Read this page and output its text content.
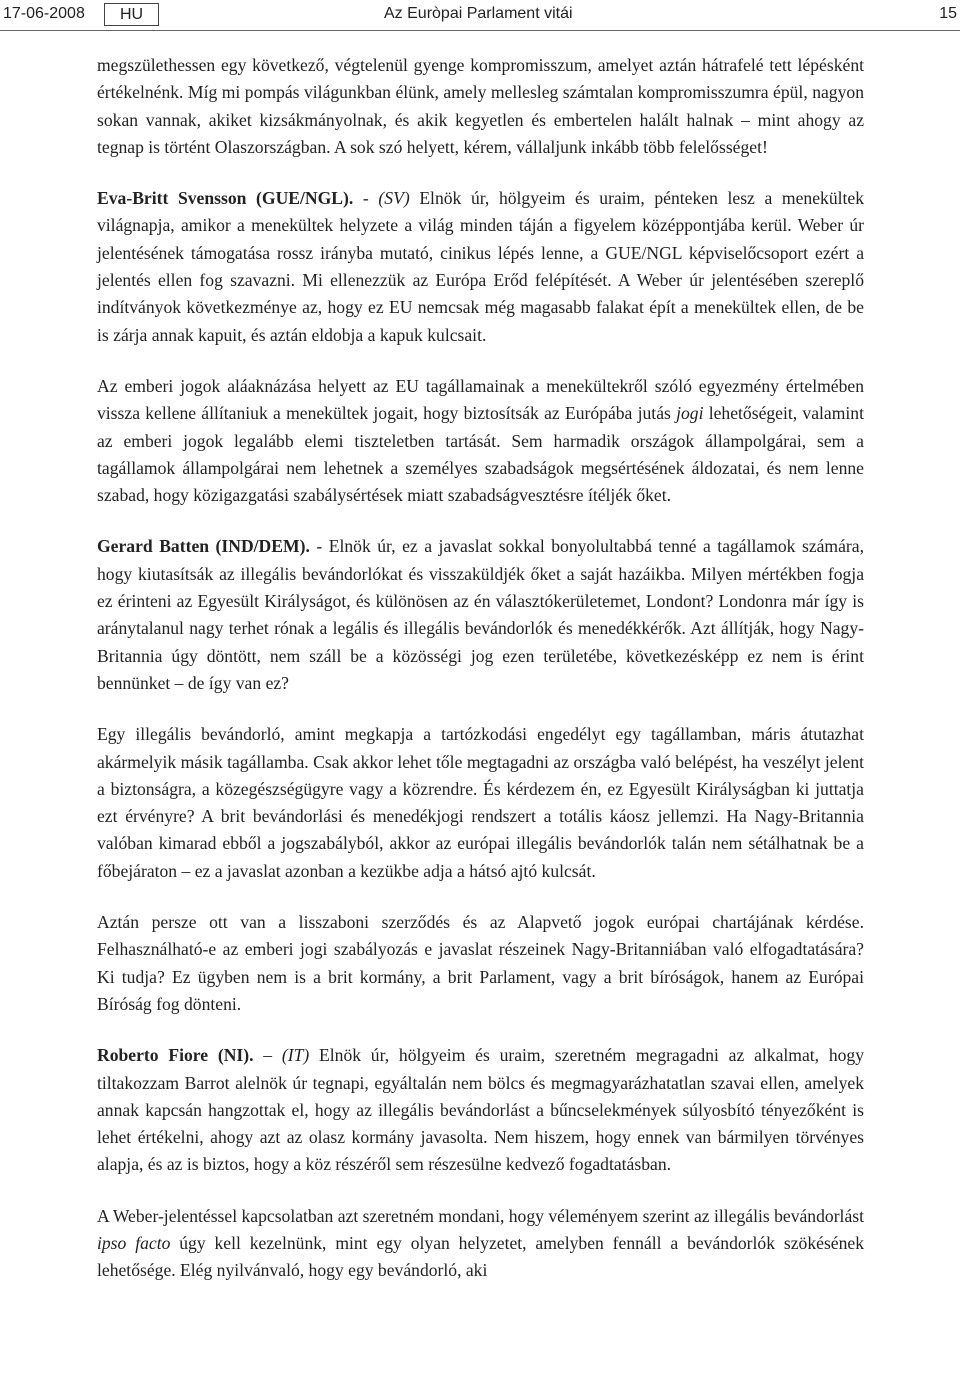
17-06-2008	HU	Az Euròpai Parlament vitái	15

megszülethessen egy következő, végtelenül gyenge kompromisszum, amelyet aztán hátrafelé tett lépésként értékelnénk. Míg mi pompás világunkban élünk, amely mellesleg számtalan kompromisszumra épül, nagyon sokan vannak, akiket kizsákmányolnak, és akik kegyetlen és embertelen halált halnak – mint ahogy az tegnap is történt Olaszországban. A sok szó helyett, kérem, vállaljunk inkább több felelősséget!

Eva-Britt Svensson (GUE/NGL). - (SV) Elnök úr, hölgyeim és uraim, pénteken lesz a menekültek világnapja, amikor a menekültek helyzete a világ minden táján a figyelem középpontjába kerül. Weber úr jelentésének támogatása rossz irányba mutató, cinikus lépés lenne, a GUE/NGL képviselőcsoport ezért a jelentés ellen fog szavazni. Mi ellenezzük az Európa Erőd felépítését. A Weber úr jelentésében szereplő indítványok következménye az, hogy ez EU nemcsak még magasabb falakat épít a menekültek ellen, de be is zárja annak kapuit, és aztán eldobja a kapuk kulcsait.

Az emberi jogok aláaknázása helyett az EU tagállamainak a menekültekről szóló egyezmény értelmében vissza kellene állítaniuk a menekültek jogait, hogy biztosítsák az Európába jutás jogi lehetőségeit, valamint az emberi jogok legalább elemi tiszteletben tartását. Sem harmadik országok állampolgárai, sem a tagállamok állampolgárai nem lehetnek a személyes szabadságok megsértésének áldozatai, és nem lenne szabad, hogy közigazgatási szabálysértések miatt szabadságvesztésre ítéljék őket.

Gerard Batten (IND/DEM). - Elnök úr, ez a javaslat sokkal bonyolultabbá tenné a tagállamok számára, hogy kiutasítsák az illegális bevándorlókat és visszaküldjék őket a saját hazáikba. Milyen mértékben fogja ez érinteni az Egyesült Királyságot, és különösen az én választókerületemet, Londont? Londonra már így is aránytalanul nagy terhet rónak a legális és illegális bevándorlók és menedékkérők. Azt állítják, hogy Nagy-Britannia úgy döntött, nem száll be a közösségi jog ezen területébe, következésképp ez nem is érint bennünket – de így van ez?

Egy illegális bevándorló, amint megkapja a tartózkodási engedélyt egy tagállamban, máris átutazhat akármelyik másik tagállamba. Csak akkor lehet tőle megtagadni az országba való belépést, ha veszélyt jelent a biztonságra, a közegészségügyre vagy a közrendre. És kérdezem én, ez Egyesült Királyságban ki juttatja ezt érvényre? A brit bevándorlási és menedékjogi rendszert a totális káosz jellemzi. Ha Nagy-Britannia valóban kimarad ebből a jogszabályból, akkor az európai illegális bevándorlók talán nem sétálhatnak be a főbejáraton – ez a javaslat azonban a kezükbe adja a hátsó ajtó kulcsát.

Aztán persze ott van a lisszaboni szerződés és az Alapvető jogok európai chartájának kérdése. Felhasználható-e az emberi jogi szabályozás e javaslat részeinek Nagy-Britanniában való elfogadtatására? Ki tudja? Ez ügyben nem is a brit kormány, a brit Parlament, vagy a brit bíróságok, hanem az Európai Bíróság fog dönteni.

Roberto Fiore (NI). – (IT) Elnök úr, hölgyeim és uraim, szeretném megragadni az alkalmat, hogy tiltakozzam Barrot alelnök úr tegnapi, egyáltalán nem bölcs és megmagyarázhatatlan szavai ellen, amelyek annak kapcsán hangzottak el, hogy az illegális bevándorlást a bűncselekmények súlyosbító tényezőként is lehet értékelni, ahogy azt az olasz kormány javasolta. Nem hiszem, hogy ennek van bármilyen törvényes alapja, és az is biztos, hogy a köz részéről sem részesülne kedvező fogadtatásban.

A Weber-jelentéssel kapcsolatban azt szeretném mondani, hogy véleményem szerint az illegális bevándorlást ipso facto úgy kell kezelnünk, mint egy olyan helyzetet, amelyben fennáll a bevándorlók szökésének lehetősége. Elég nyilvánvaló, hogy egy bevándorló, aki
